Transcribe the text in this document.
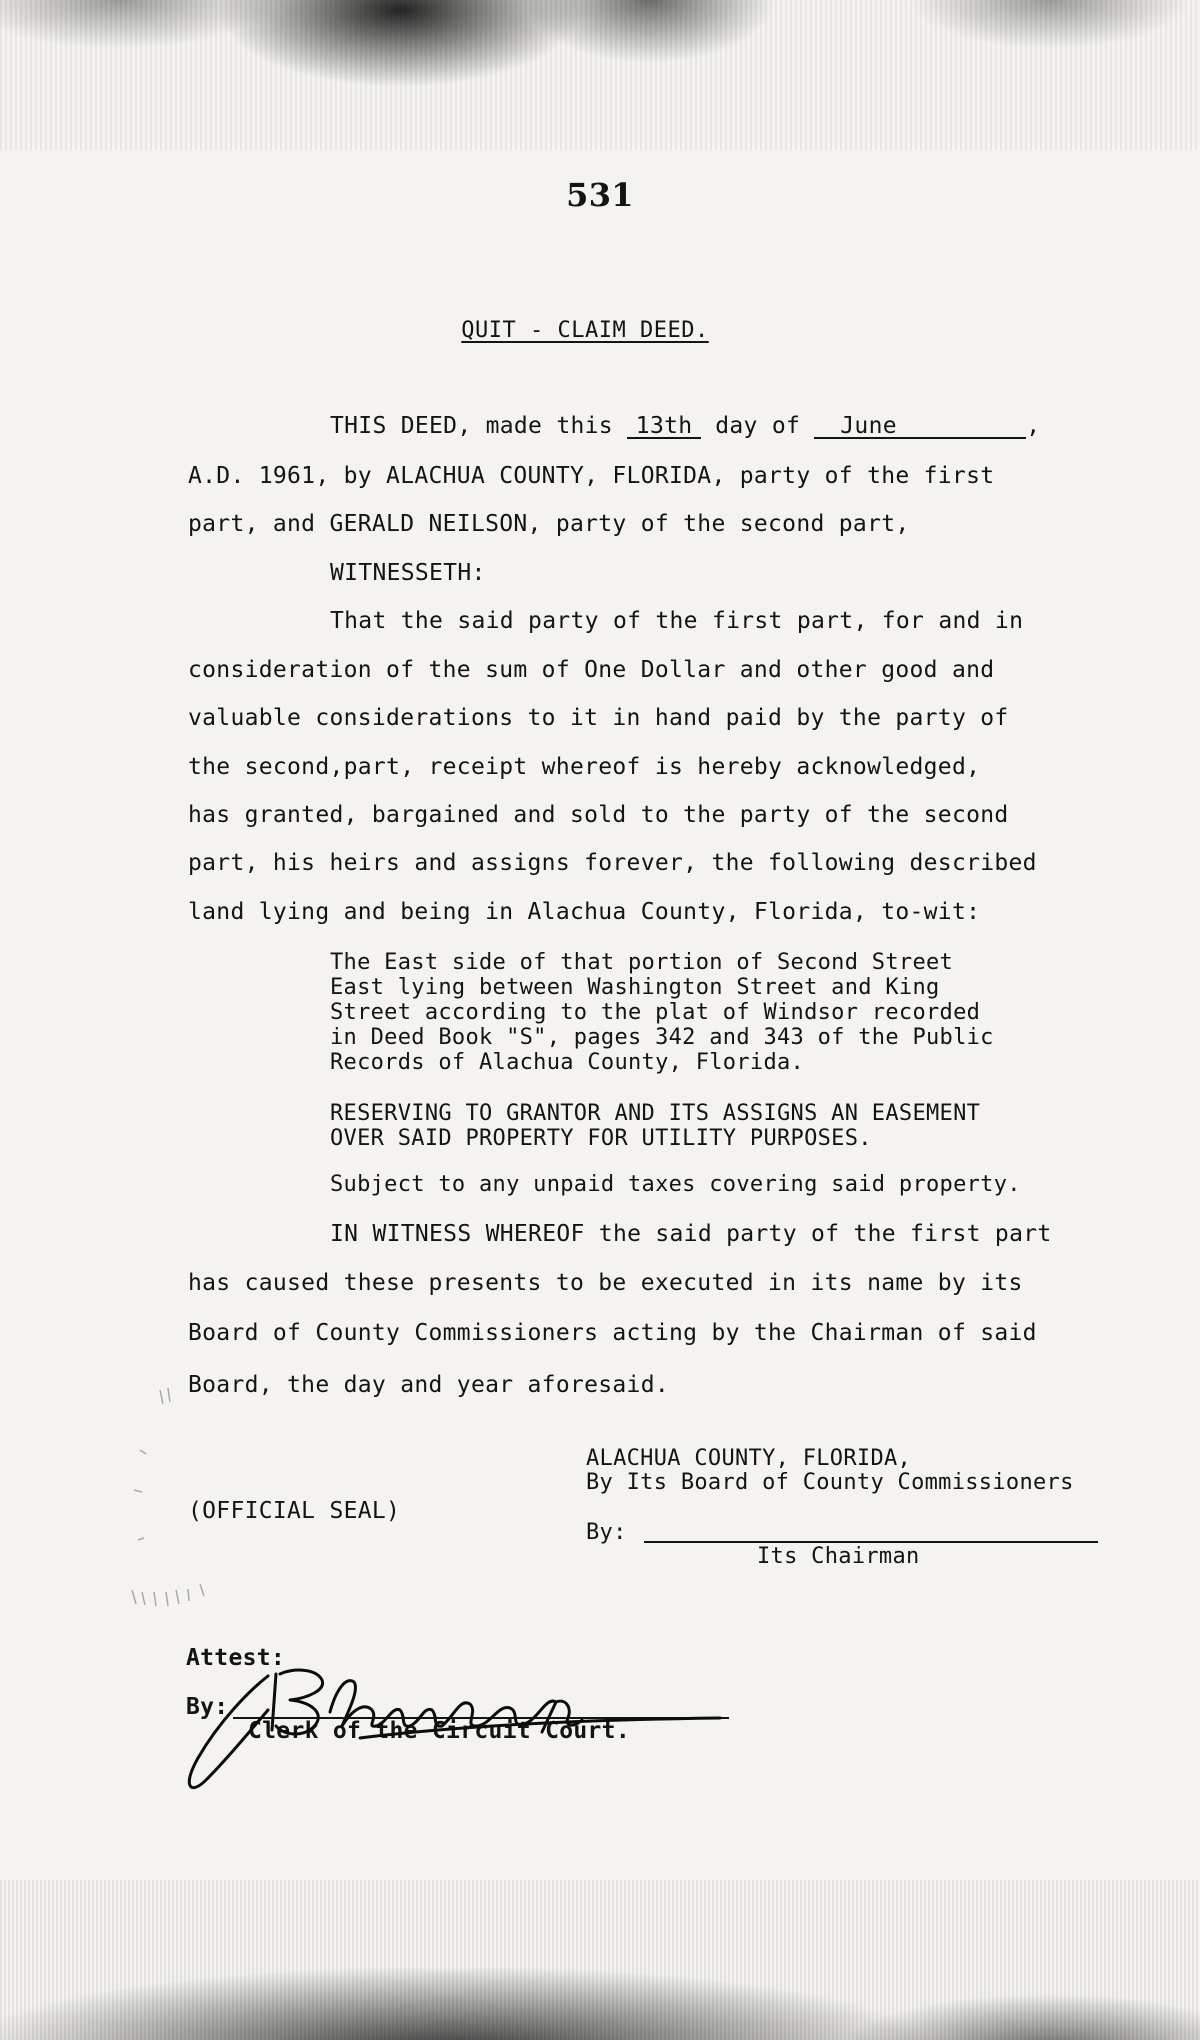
531
QUIT - CLAIM DEED.
THIS DEED, made this 13th day of June	,
A.D. 1961, by ALACHUA COUNTY, FLORIDA, party of the first
part, and GERALD NEILSON, party of the second part,
WITNESSETH:
That the said party of the first part, for and in
consideration of the sum of One Dollar and other good and
valuable considerations to it in hand paid by the party of
the second,part, receipt whereof is hereby acknowledged,
has granted, bargained and sold to the party of the second
part, his heirs and assigns forever, the following described
land lying and being in Alachua County, Florida, to-wit:
The East side of that portion of Second Street
East lying between Washington Street and King
Street according to the plat of Windsor recorded
in Deed Book "S", pages 342 and 343 of the Public
Records of Alachua County, Florida.
RESERVING TO GRANTOR AND ITS ASSIGNS AN EASEMENT
OVER SAID PROPERTY FOR UTILITY PURPOSES.
Subject to any unpaid taxes covering said property.
IN WITNESS WHEREOF the said party of the first part
has caused these presents to be executed in its name by its
Board of County Commissioners acting by the Chairman of said
Board, the day and year aforesaid.
ALACHUA COUNTY, FLORIDA,
By Its Board of County Commissioners
By:
Its Chairman
(OFFICIAL SEAL)
Attest:
By:
Clerk of the Circuit Court.
